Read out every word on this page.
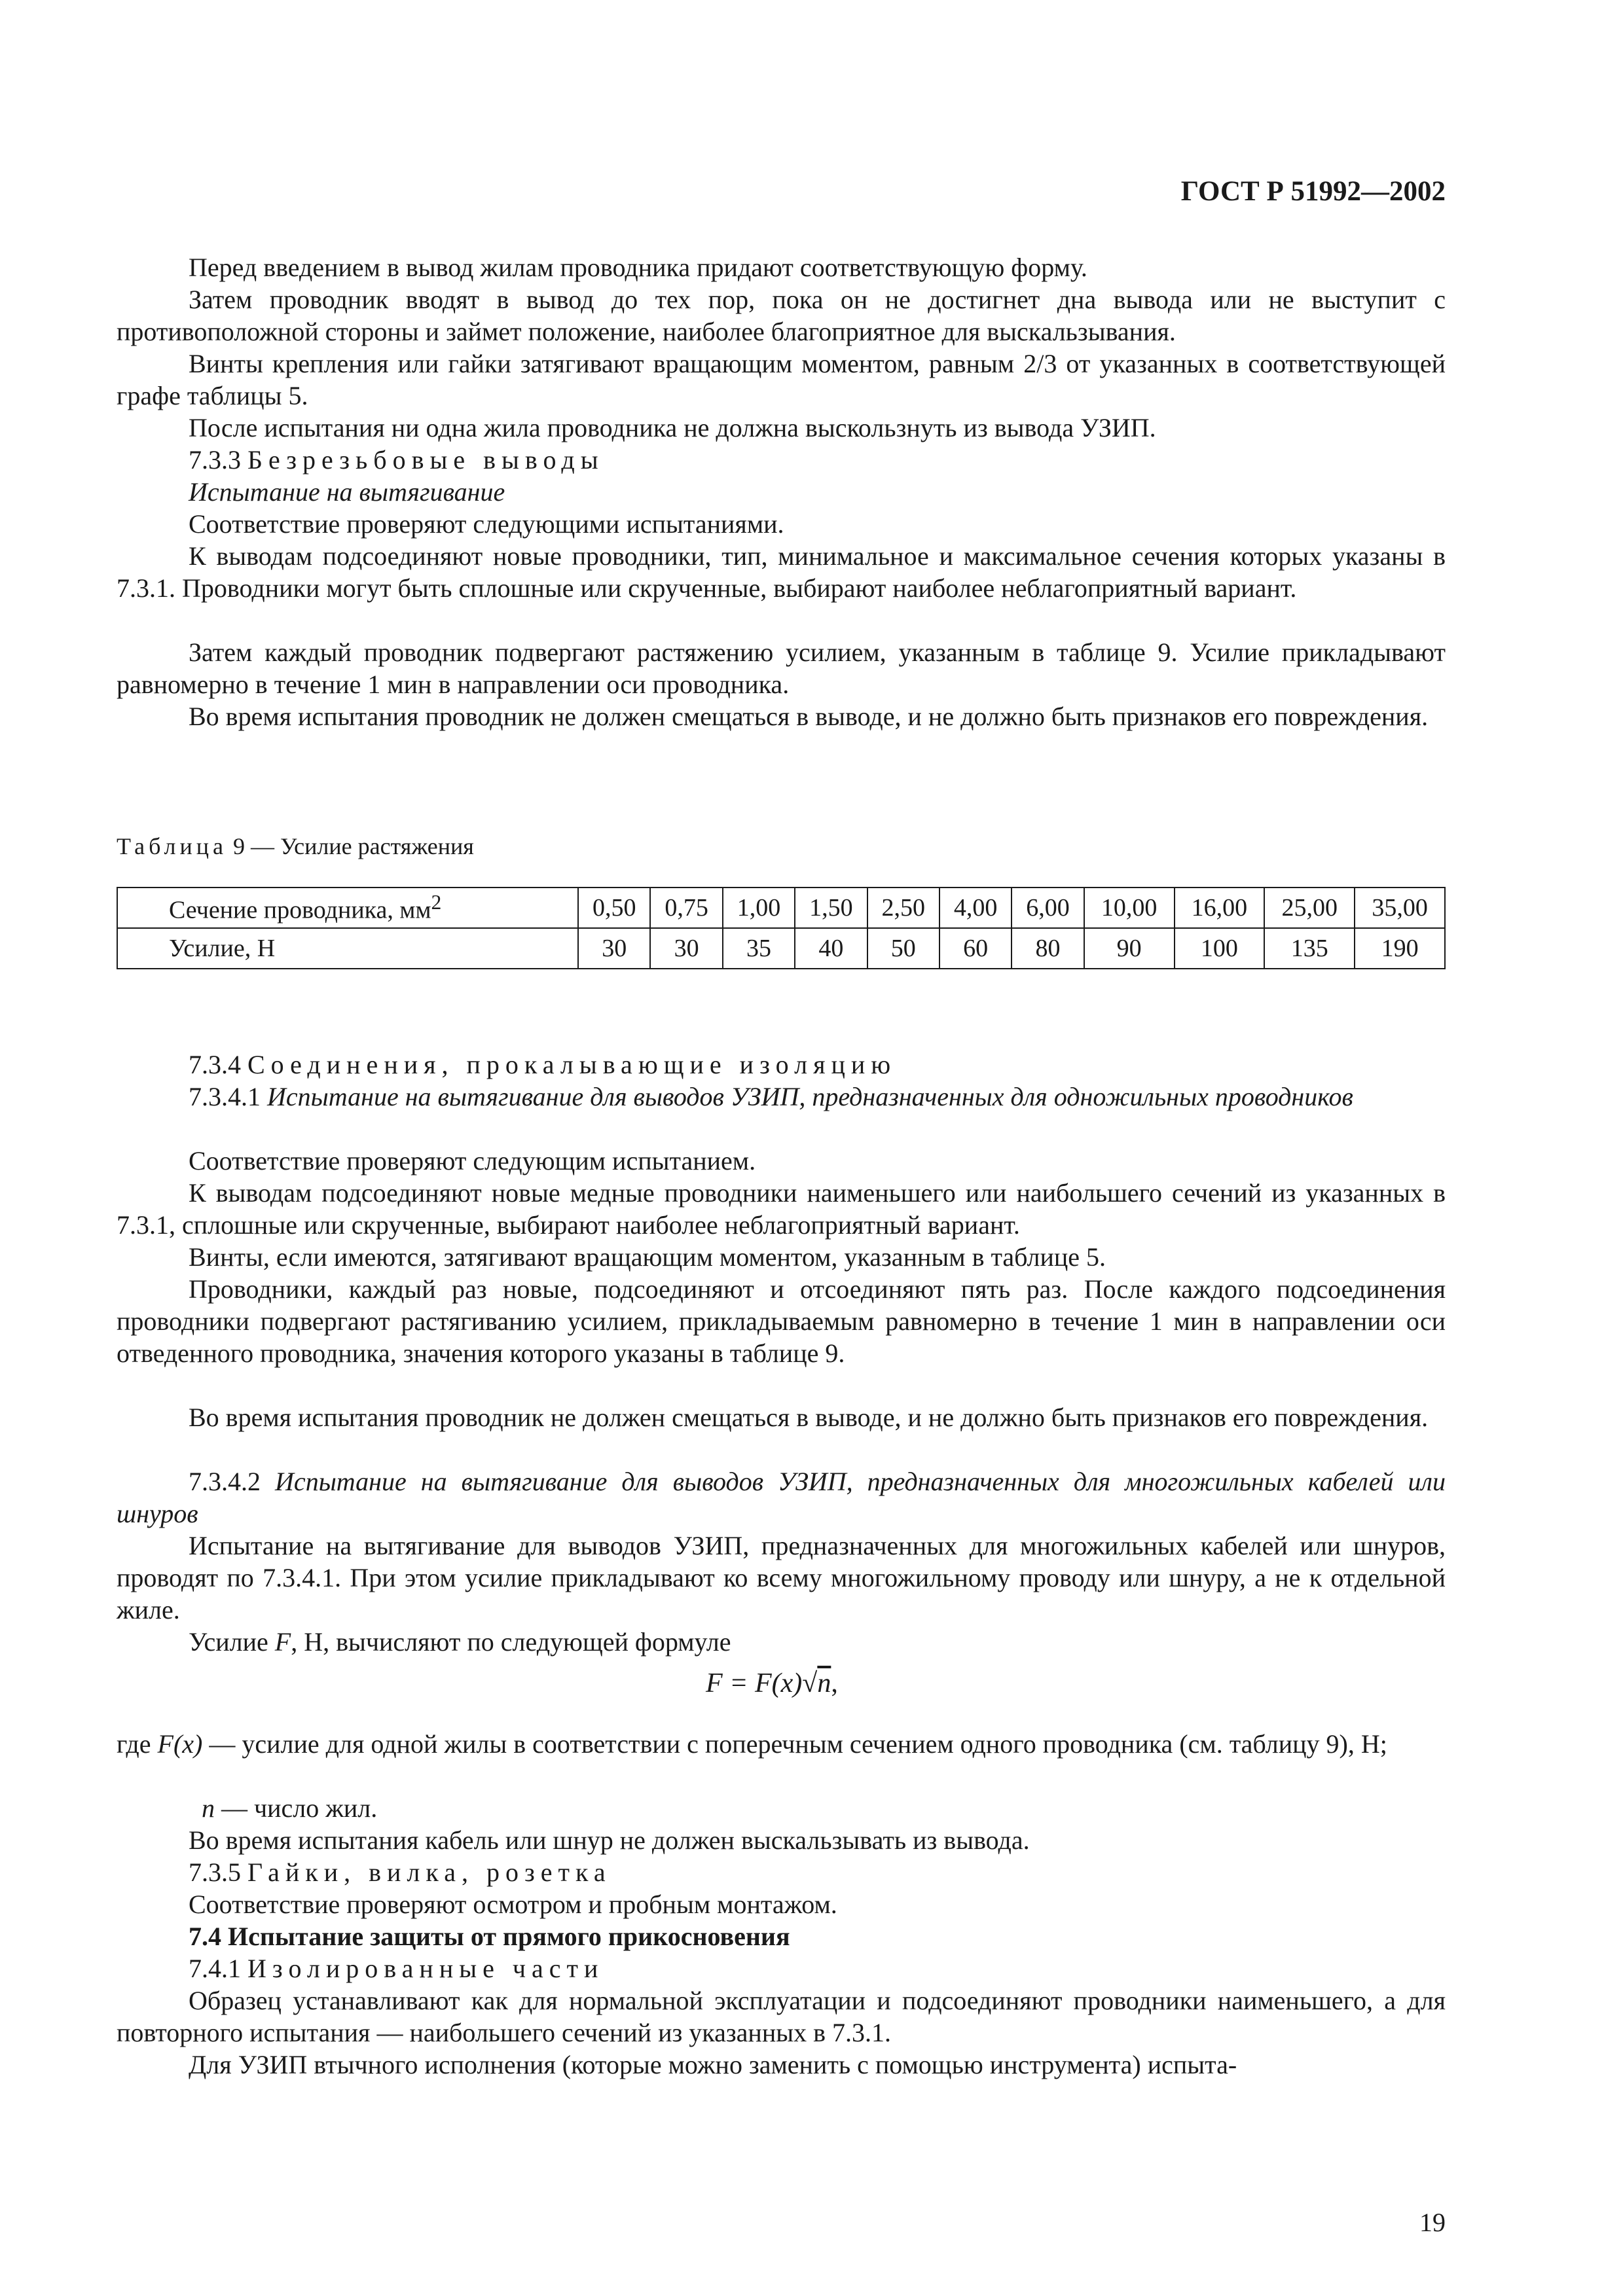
ГОСТ Р 51992—2002

Перед введением в вывод жилам проводника придают соответствующую форму.

Затем проводник вводят в вывод до тех пор, пока он не достигнет дна вывода или не выступит с противоположной стороны и займет положение, наиболее благоприятное для выскальзывания.

Винты крепления или гайки затягивают вращающим моментом, равным 2/3 от указанных в соответствующей графе таблицы 5.

После испытания ни одна жила проводника не должна выскользнуть из вывода УЗИП.

7.3.3 Безрезьбовые выводы

Испытание на вытягивание

Соответствие проверяют следующими испытаниями.

К выводам подсоединяют новые проводники, тип, минимальное и максимальное сечения которых указаны в 7.3.1. Проводники могут быть сплошные или скрученные, выбирают наиболее неблагоприятный вариант.

Затем каждый проводник подвергают растяжению усилием, указанным в таблице 9. Усилие прикладывают равномерно в течение 1 мин в направлении оси проводника.

Во время испытания проводник не должен смещаться в выводе, и не должно быть признаков его повреждения.

Таблица 9 — Усилие растяжения
Сечение проводника, $мм^2$	0,50	0,75	1,00	1,50	2,50	4,00	6,00	10,00	16,00	25,00	35,00
Усилие, Н	30	30	35	40	50	60	80	90	100	135	190

7.3.4 Соединения, прокалывающие изоляцию

7.3.4.1 Испытание на вытягивание для выводов УЗИП, предназначенных для одножильных проводников

Соответствие проверяют следующим испытанием.

К выводам подсоединяют новые медные проводники наименьшего или наибольшего сечений из указанных в 7.3.1, сплошные или скрученные, выбирают наиболее неблагоприятный вариант.

Винты, если имеются, затягивают вращающим моментом, указанным в таблице 5.

Проводники, каждый раз новые, подсоединяют и отсоединяют пять раз. После каждого подсоединения проводники подвергают растягиванию усилием, прикладываемым равномерно в течение 1 мин в направлении оси отведенного проводника, значения которого указаны в таблице 9.

Во время испытания проводник не должен смещаться в выводе, и не должно быть признаков его повреждения.

7.3.4.2 Испытание на вытягивание для выводов УЗИП, предназначенных для многожильных кабелей или шнуров

Испытание на вытягивание для выводов УЗИП, предназначенных для многожильных кабелей или шнуров, проводят по 7.3.4.1. При этом усилие прикладывают ко всему многожильному проводу или шнуру, а не к отдельной жиле.

Усилие F, Н, вычисляют по следующей формуле

F = F(x)√n,
где F(x) — усилие для одной жилы в соответствии с поперечным сечением одного проводника (см. таблицу 9), Н;
n — число жил.

Во время испытания кабель или шнур не должен выскальзывать из вывода.

7.3.5 Гайки, вилка, розетка

Соответствие проверяют осмотром и пробным монтажом.

7.4 Испытание защиты от прямого прикосновения

7.4.1 Изолированные части

Образец устанавливают как для нормальной эксплуатации и подсоединяют проводники наименьшего, а для повторного испытания — наибольшего сечений из указанных в 7.3.1.

Для УЗИП втычного исполнения (которые можно заменить с помощью инструмента) испыта-

19
